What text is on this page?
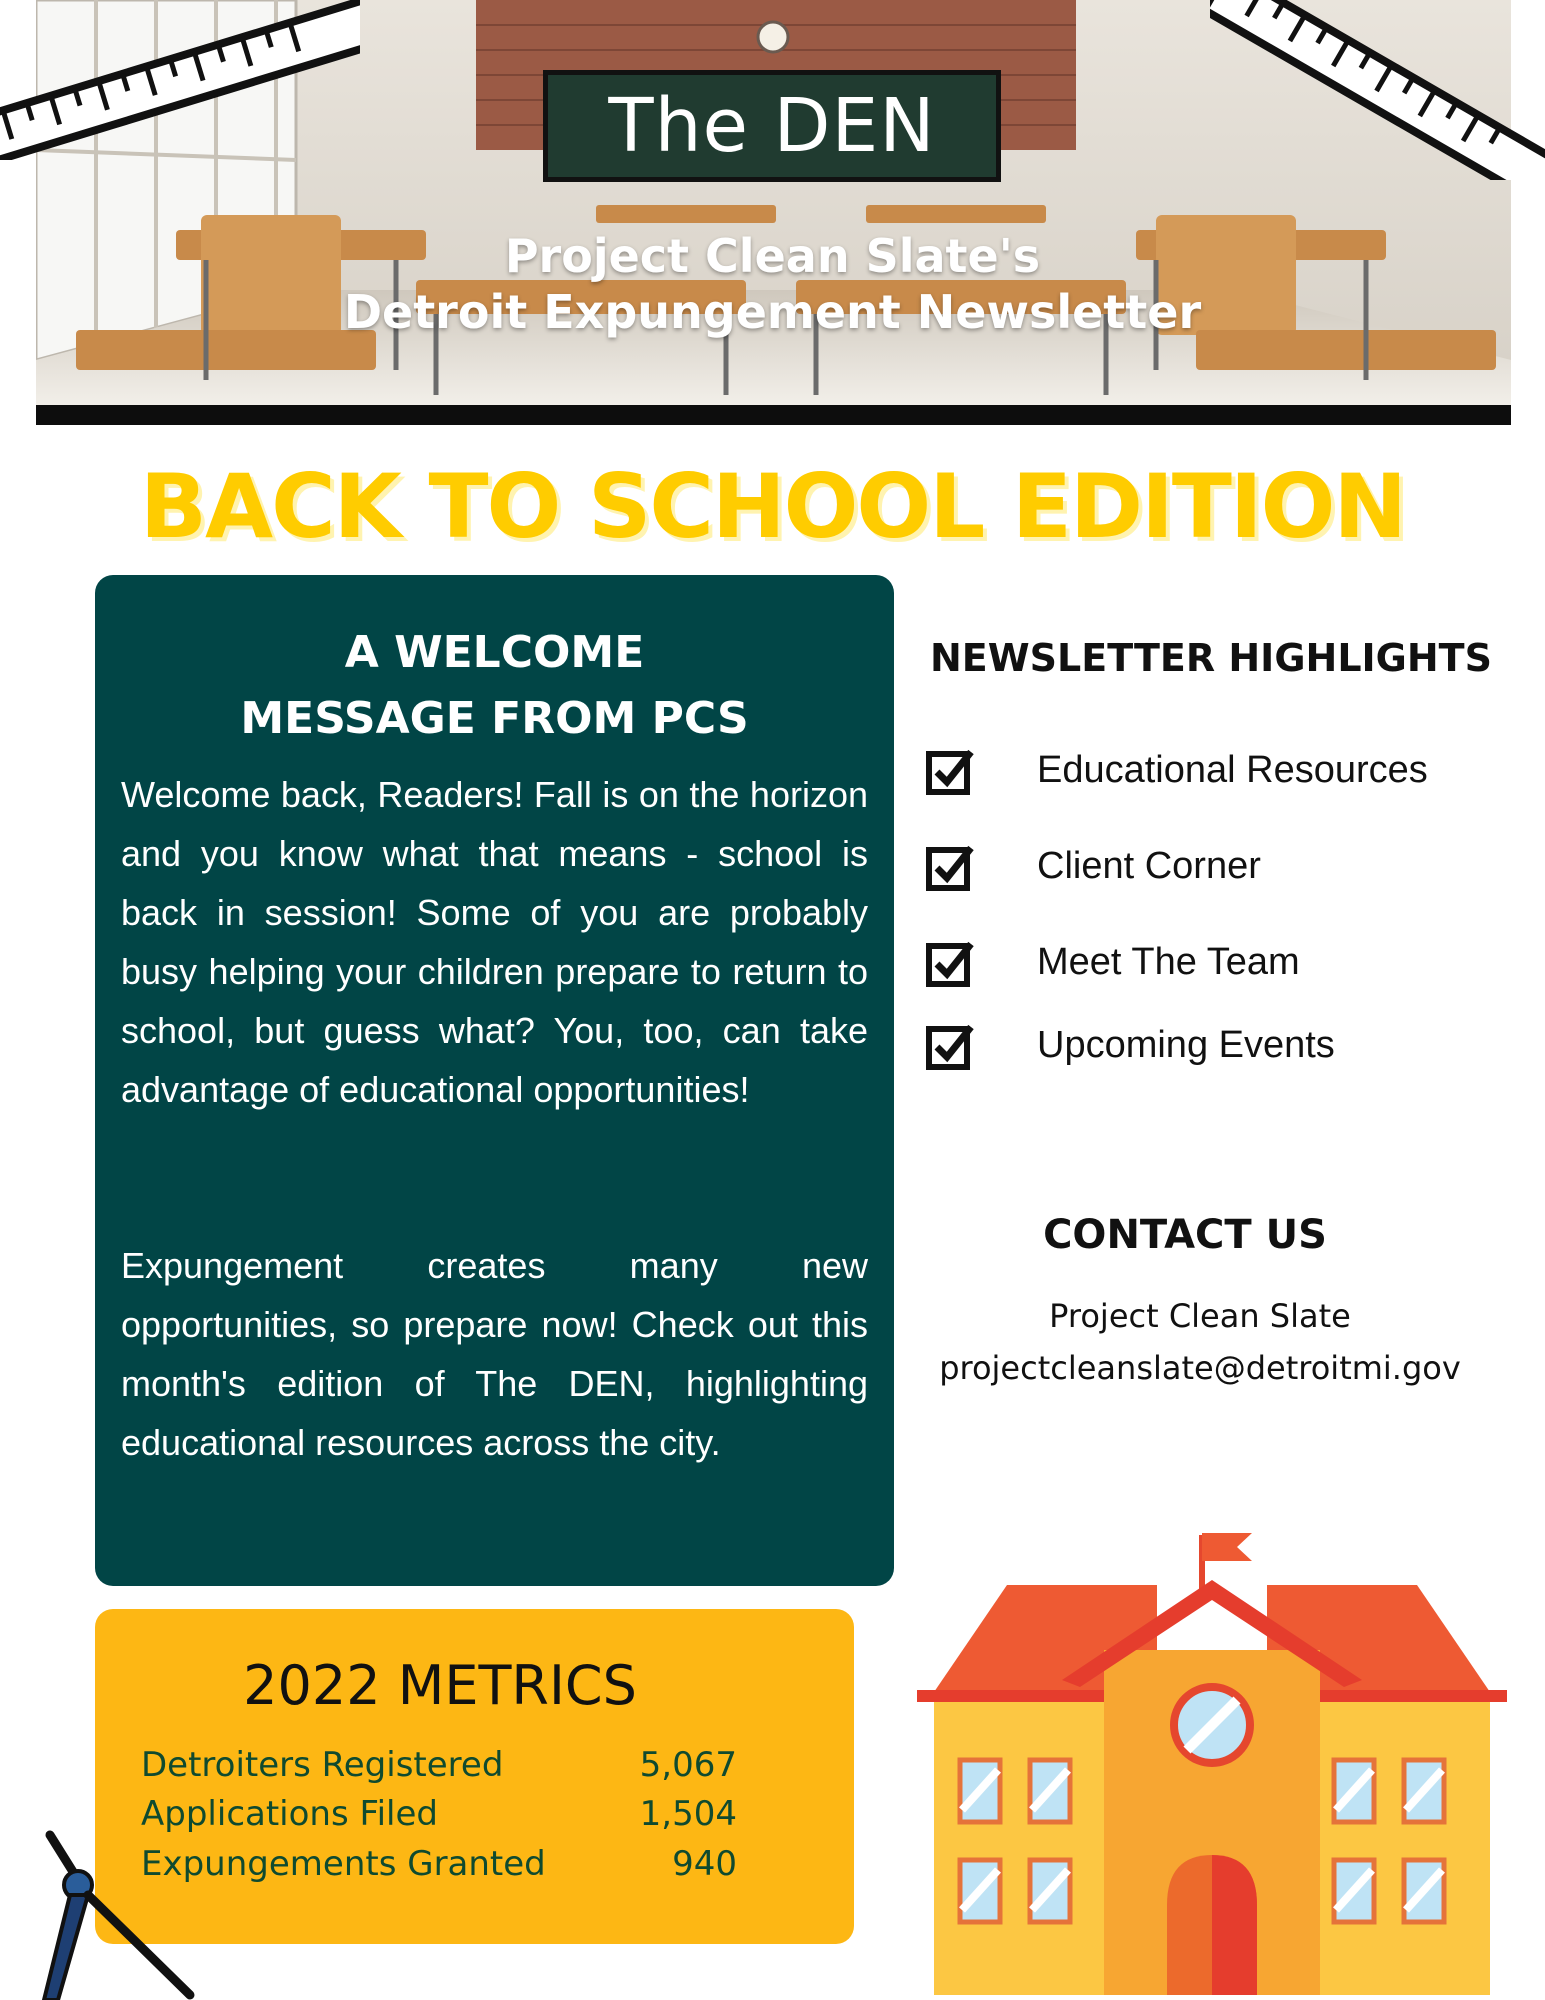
The DEN
Project Clean Slate's
Detroit Expungement Newsletter
BACK TO SCHOOL EDITION
A WELCOME
MESSAGE FROM PCS
Welcome back, Readers! Fall is on the horizon and you know what that means - school is back in session! Some of you are probably busy helping your children prepare to return to school, but guess what? You, too, can take advantage of educational opportunities!
Expungement creates many new opportunities, so prepare now! Check out this month's edition of The DEN, highlighting educational resources across the city.
NEWSLETTER HIGHLIGHTS
Educational Resources
Client Corner
Meet The Team
Upcoming Events
CONTACT US
Project Clean Slate
projectcleanslate@detroitmi.gov
2022 METRICS
Detroiters Registered	5,067
Applications Filed	1,504
Expungements Granted	940
